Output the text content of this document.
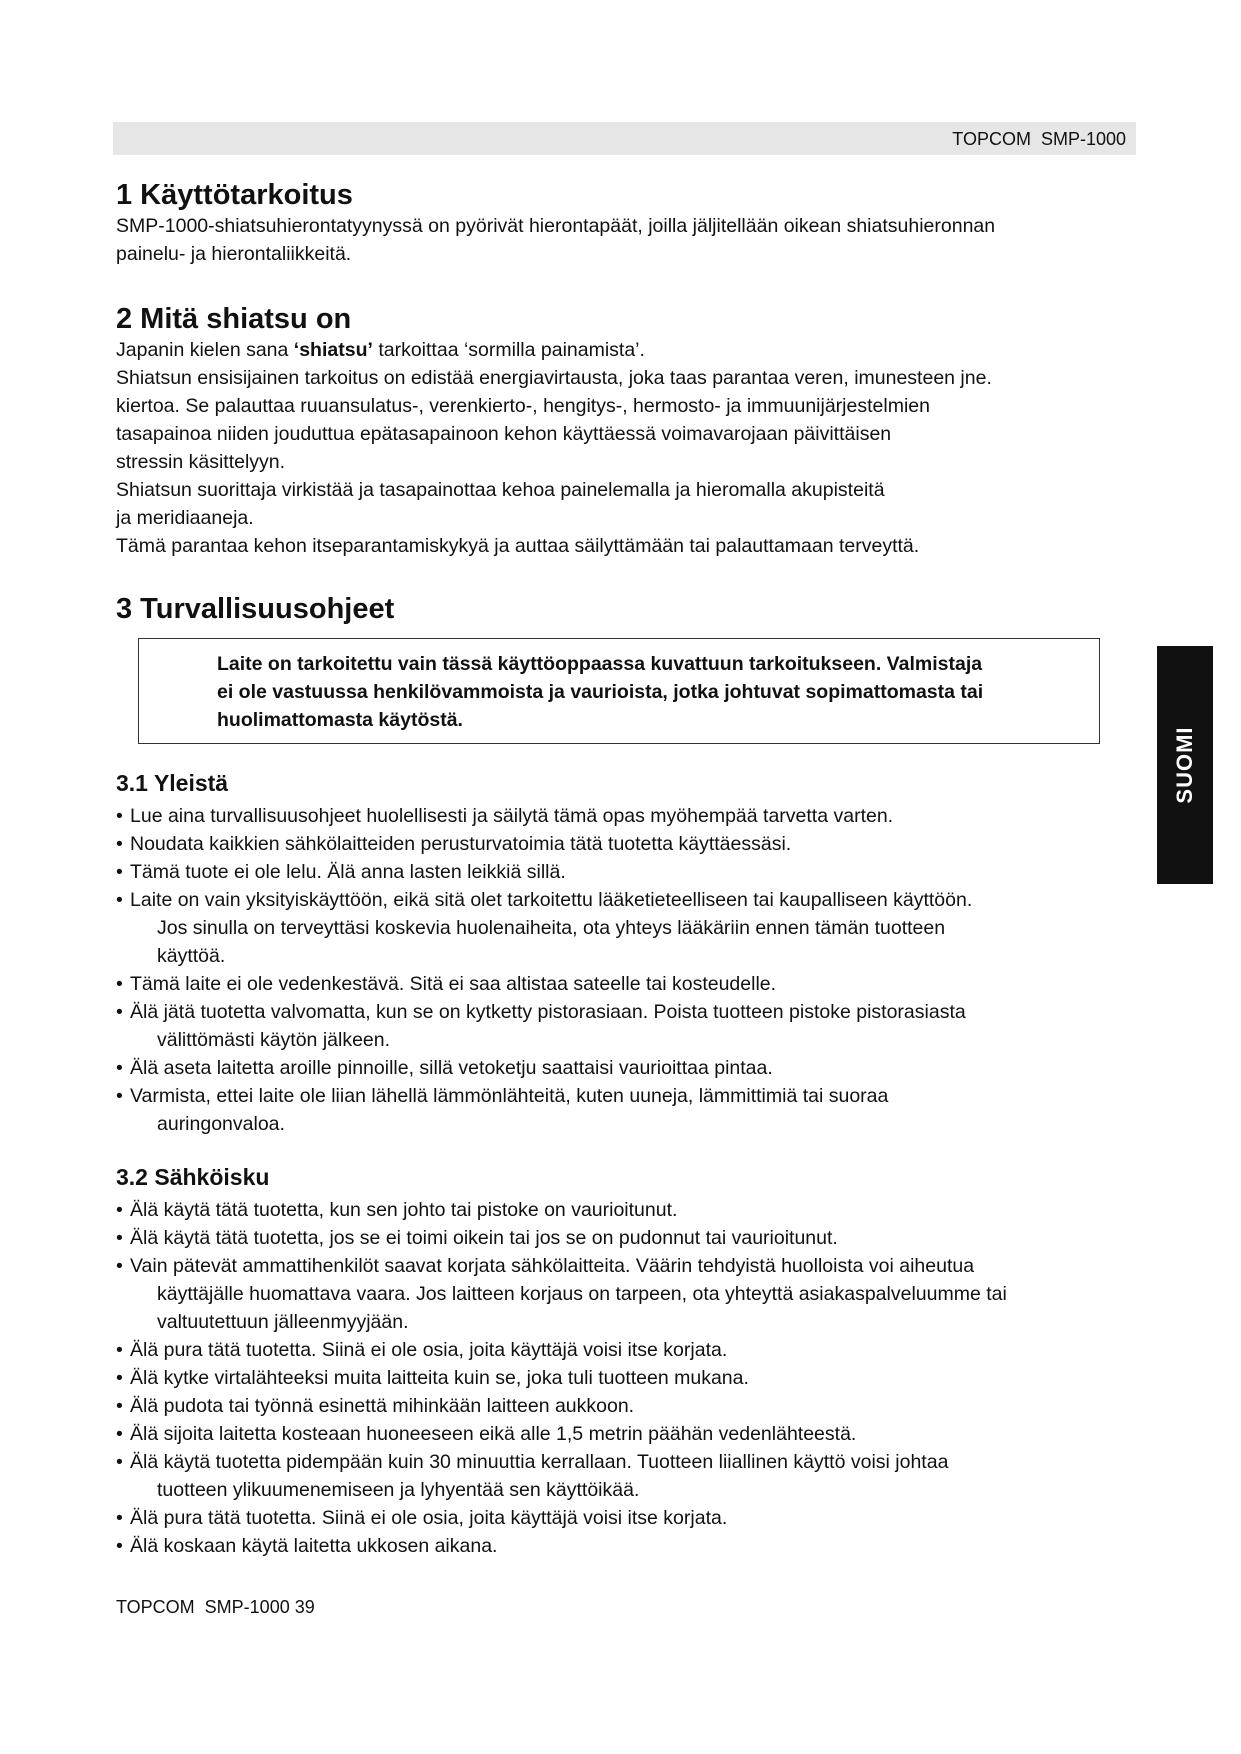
TOPCOM  SMP-1000
1 Käyttötarkoitus

SMP-1000-shiatsuhierontatyynyssä on pyörivät hierontapäät, joilla jäljitellään oikean shiatsuhieronnan
painelu- ja hierontaliikkeitä.

2 Mitä shiatsu on

Japanin kielen sana ‘shiatsu’ tarkoittaa ‘sormilla painamista’.
Shiatsun ensisijainen tarkoitus on edistää energiavirtausta, joka taas parantaa veren, imunesteen jne.
kiertoa. Se palauttaa ruuansulatus-, verenkierto-, hengitys-, hermosto- ja immuunijärjestelmien
tasapainoa niiden jouduttua epätasapainoon kehon käyttäessä voimavarojaan päivittäisen
stressin käsittelyyn.
Shiatsun suorittaja virkistää ja tasapainottaa kehoa painelemalla ja hieromalla akupisteitä
ja meridiaaneja.
Tämä parantaa kehon itseparantamiskykyä ja auttaa säilyttämään tai palauttamaan terveyttä.

3 Turvallisuusohjeet
3.1 Yleistä
• Lue aina turvallisuusohjeet huolellisesti ja säilytä tämä opas myöhempää tarvetta varten.
• Noudata kaikkien sähkölaitteiden perusturvatoimia tätä tuotetta käyttäessäsi.
• Tämä tuote ei ole lelu. Älä anna lasten leikkiä sillä.
• Laite on vain yksityiskäyttöön, eikä sitä olet tarkoitettu lääketieteelliseen tai kaupalliseen käyttöön.
Jos sinulla on terveyttäsi koskevia huolenaiheita, ota yhteys lääkäriin ennen tämän tuotteen
käyttöä.
• Tämä laite ei ole vedenkestävä. Sitä ei saa altistaa sateelle tai kosteudelle.
• Älä jätä tuotetta valvomatta, kun se on kytketty pistorasiaan. Poista tuotteen pistoke pistorasiasta
välittömästi käytön jälkeen.
• Älä aseta laitetta aroille pinnoille, sillä vetoketju saattaisi vaurioittaa pintaa.
• Varmista, ettei laite ole liian lähellä lämmönlähteitä, kuten uuneja, lämmittimiä tai suoraa
auringonvaloa.
3.2 Sähköisku
• Älä käytä tätä tuotetta, kun sen johto tai pistoke on vaurioitunut.
• Älä käytä tätä tuotetta, jos se ei toimi oikein tai jos se on pudonnut tai vaurioitunut.
• Vain pätevät ammattihenkilöt saavat korjata sähkölaitteita. Väärin tehdyistä huolloista voi aiheutua
käyttäjälle huomattava vaara. Jos laitteen korjaus on tarpeen, ota yhteyttä asiakaspalveluumme tai
valtuutettuun jälleenmyyjään.
• Älä pura tätä tuotetta. Siinä ei ole osia, joita käyttäjä voisi itse korjata.
• Älä kytke virtalähteeksi muita laitteita kuin se, joka tuli tuotteen mukana.
• Älä pudota tai työnnä esinettä mihinkään laitteen aukkoon.
• Älä sijoita laitetta kosteaan huoneeseen eikä alle 1,5 metrin päähän vedenlähteestä.
• Älä käytä tuotetta pidempään kuin 30 minuuttia kerrallaan. Tuotteen liiallinen käyttö voisi johtaa
tuotteen ylikuumenemiseen ja lyhyentää sen käyttöikää.
• Älä pura tätä tuotetta. Siinä ei ole osia, joita käyttäjä voisi itse korjata.
• Älä koskaan käytä laitetta ukkosen aikana.
Laite on tarkoitettu vain tässä käyttöoppaassa kuvattuun tarkoitukseen. Valmistaja
ei ole vastuussa henkilövammoista ja vaurioista, jotka johtuvat sopimattomasta tai
huolimattomasta käytöstä.
SUOMI
TOPCOM  SMP-1000 39
